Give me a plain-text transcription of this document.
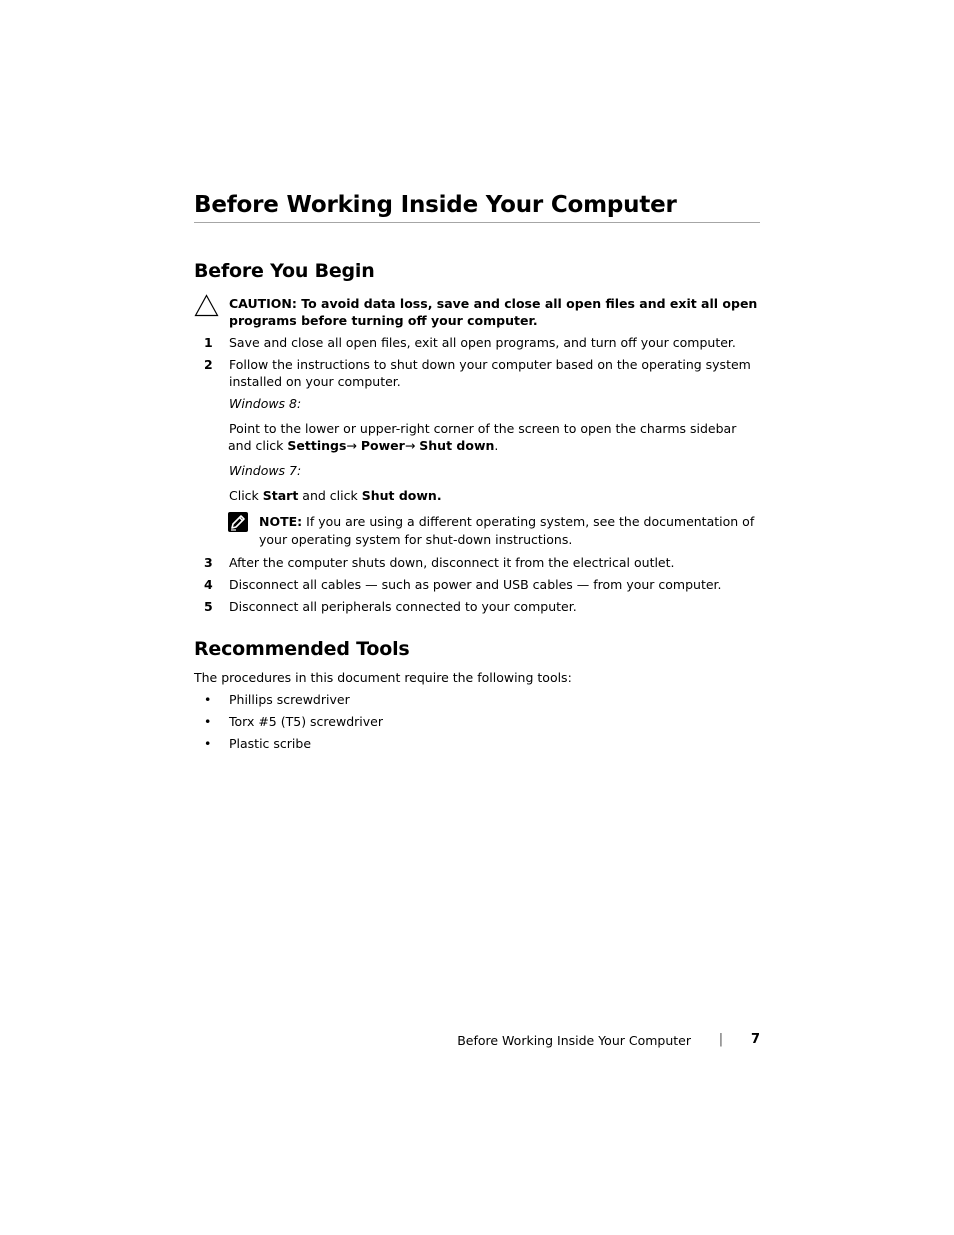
Before Working Inside Your Computer
Before You Begin
CAUTION: To avoid data loss, save and close all open files and exit all open
programs before turning off your computer.
1 Save and close all open files, exit all open programs, and turn off your computer.
2 Follow the instructions to shut down your computer based on the operating system
installed on your computer.
Windows 8:
Point to the lower or upper-right corner of the screen to open the charms sidebar
and click Settings→ Power→ Shut down.
Windows 7:
Click Start and click Shut down.
NOTE: If you are using a different operating system, see the documentation of
your operating system for shut-down instructions.
3 After the computer shuts down, disconnect it from the electrical outlet.
4 Disconnect all cables — such as power and USB cables — from your computer.
5 Disconnect all peripherals connected to your computer.
Recommended Tools
The procedures in this document require the following tools:
• Phillips screwdriver
• Torx #5 (T5) screwdriver
• Plastic scribe
Before Working Inside Your Computer | 7
